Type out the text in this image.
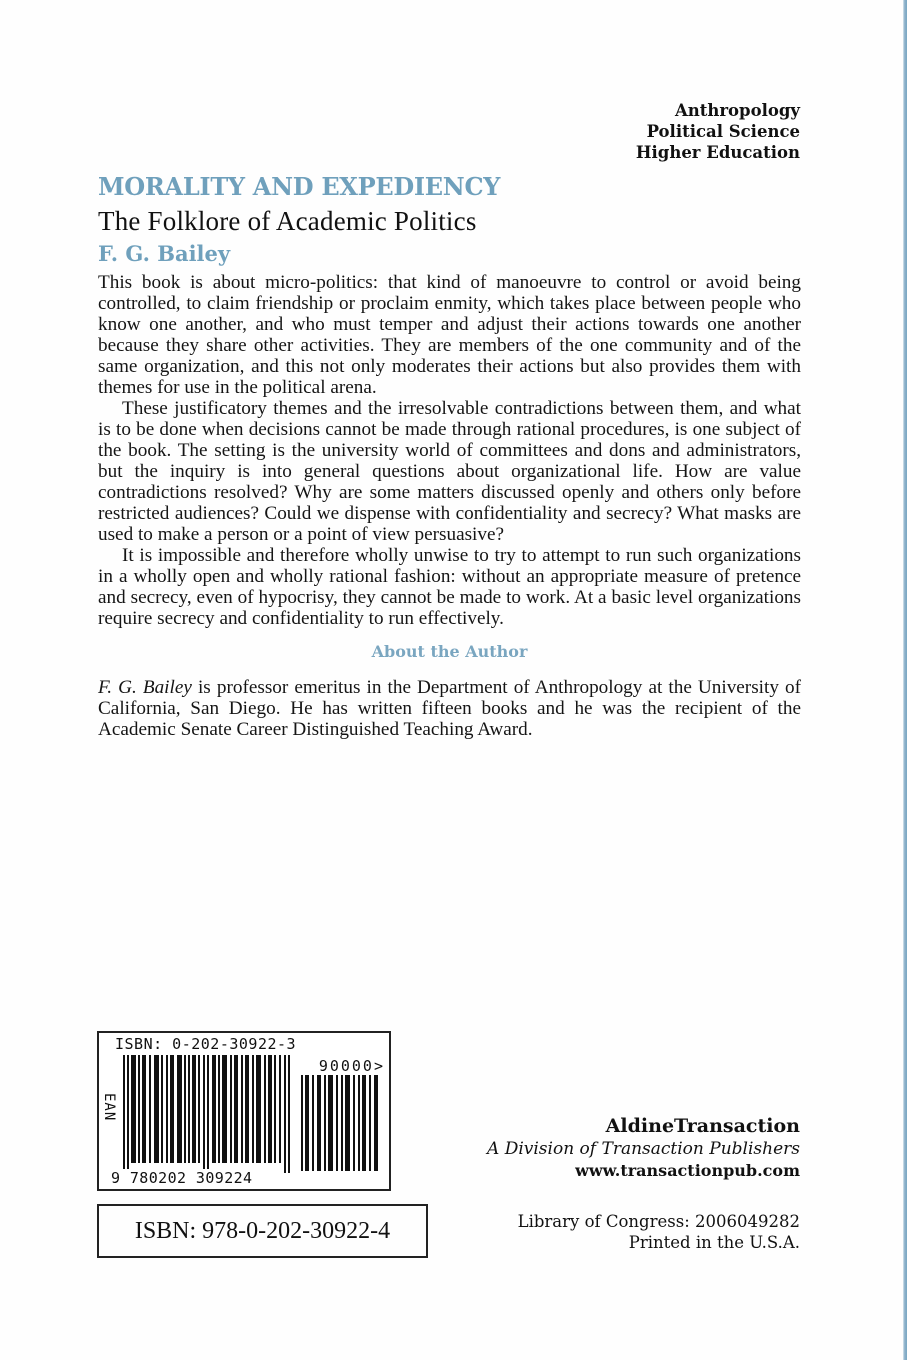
Anthropology
Political Science
Higher Education
MORALITY AND EXPEDIENCY
The Folklore of Academic Politics
F. G. Bailey

This book is about micro-politics: that kind of manoeuvre to control or avoid being controlled, to claim friendship or proclaim enmity, which takes place between people who know one another, and who must temper and adjust their actions towards one another because they share other activities. They are members of the one community and of the same organization, and this not only moderates their actions but also provides them with themes for use in the political arena.

These justificatory themes and the irresolvable contradictions between them, and what is to be done when decisions cannot be made through rational procedures, is one subject of the book. The setting is the university world of committees and dons and administrators, but the inquiry is into general questions about organizational life. How are value contradictions resolved? Why are some matters discussed openly and others only before restricted audiences? Could we dispense with confidentiality and secrecy? What masks are used to make a person or a point of view persuasive?

It is impossible and therefore wholly unwise to try to attempt to run such organizations in a wholly open and wholly rational fashion: without an appropriate measure of pretence and secrecy, even of hypocrisy, they cannot be made to work. At a basic level organizations require secrecy and confidentiality to run effectively.

About the Author
F. G. Bailey is professor emeritus in the Department of Anthropology at the University of California, San Diego. He has written fifteen books and he was the recipient of the Academic Senate Career Distinguished Teaching Award.
ISBN: 0-202-30922-3
EAN
90000>
9 780202 309224
ISBN: 978-0-202-30922-4
AldineTransaction
A Division of Transaction Publishers
www.transactionpub.com
Library of Congress: 2006049282
Printed in the U.S.A.
